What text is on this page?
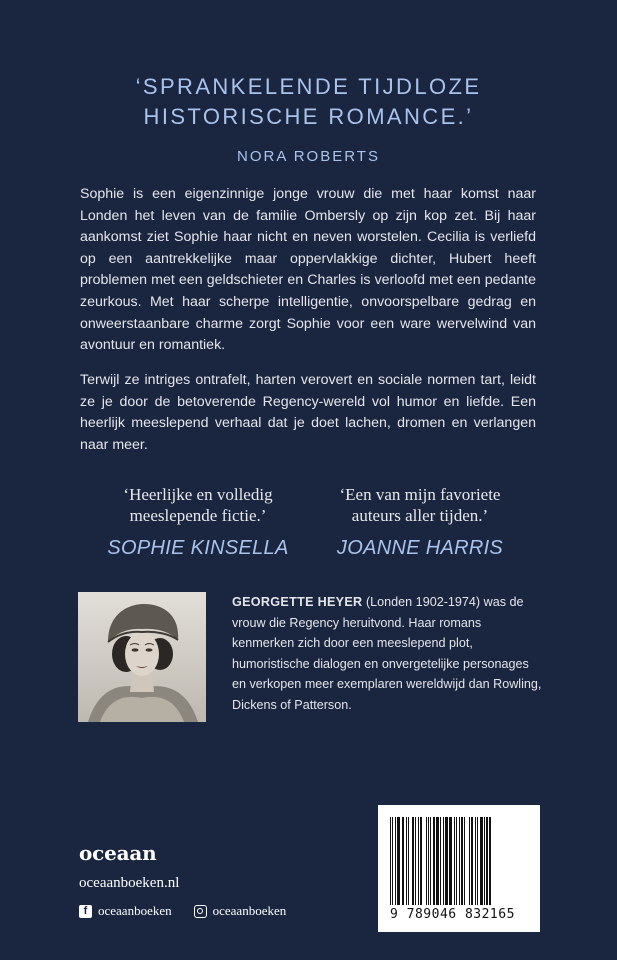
‘SPRANKELENDE TIJDLOZE
HISTORISCHE ROMANCE.’
NORA ROBERTS

Sophie is een eigenzinnige jonge vrouw die met haar komst naar Londen het leven van de familie Ombersly op zijn kop zet. Bij haar aankomst ziet Sophie haar nicht en neven worstelen. Cecilia is verliefd op een aantrekkelijke maar oppervlakkige dichter, Hubert heeft problemen met een geldschieter en Charles is verloofd met een pedante zeurkous. Met haar scherpe intelligentie, onvoorspelbare gedrag en onweerstaanbare charme zorgt Sophie voor een ware wervelwind van avontuur en romantiek.

Terwijl ze intriges ontrafelt, harten verovert en sociale normen tart, leidt ze je door de betoverende Regency-wereld vol humor en liefde. Een heerlijk meeslepend verhaal dat je doet lachen, dromen en verlangen naar meer.

‘Heerlijke en volledig
meeslepende fictie.’
SOPHIE KINSELLA
‘Een van mijn favoriete
auteurs aller tijden.’
JOANNE HARRIS

GEORGETTE HEYER (Londen 1902-1974) was de vrouw die Regency heruitvond. Haar romans kenmerken zich door een meeslepend plot, humoristische dialogen en onvergetelijke personages en verkopen meer exemplaren wereldwijd dan Rowling, Dickens of Patterson.

oceaan
oceaanboeken.nl
f oceaanboeken	oceaanboeken	9 789046 832165
